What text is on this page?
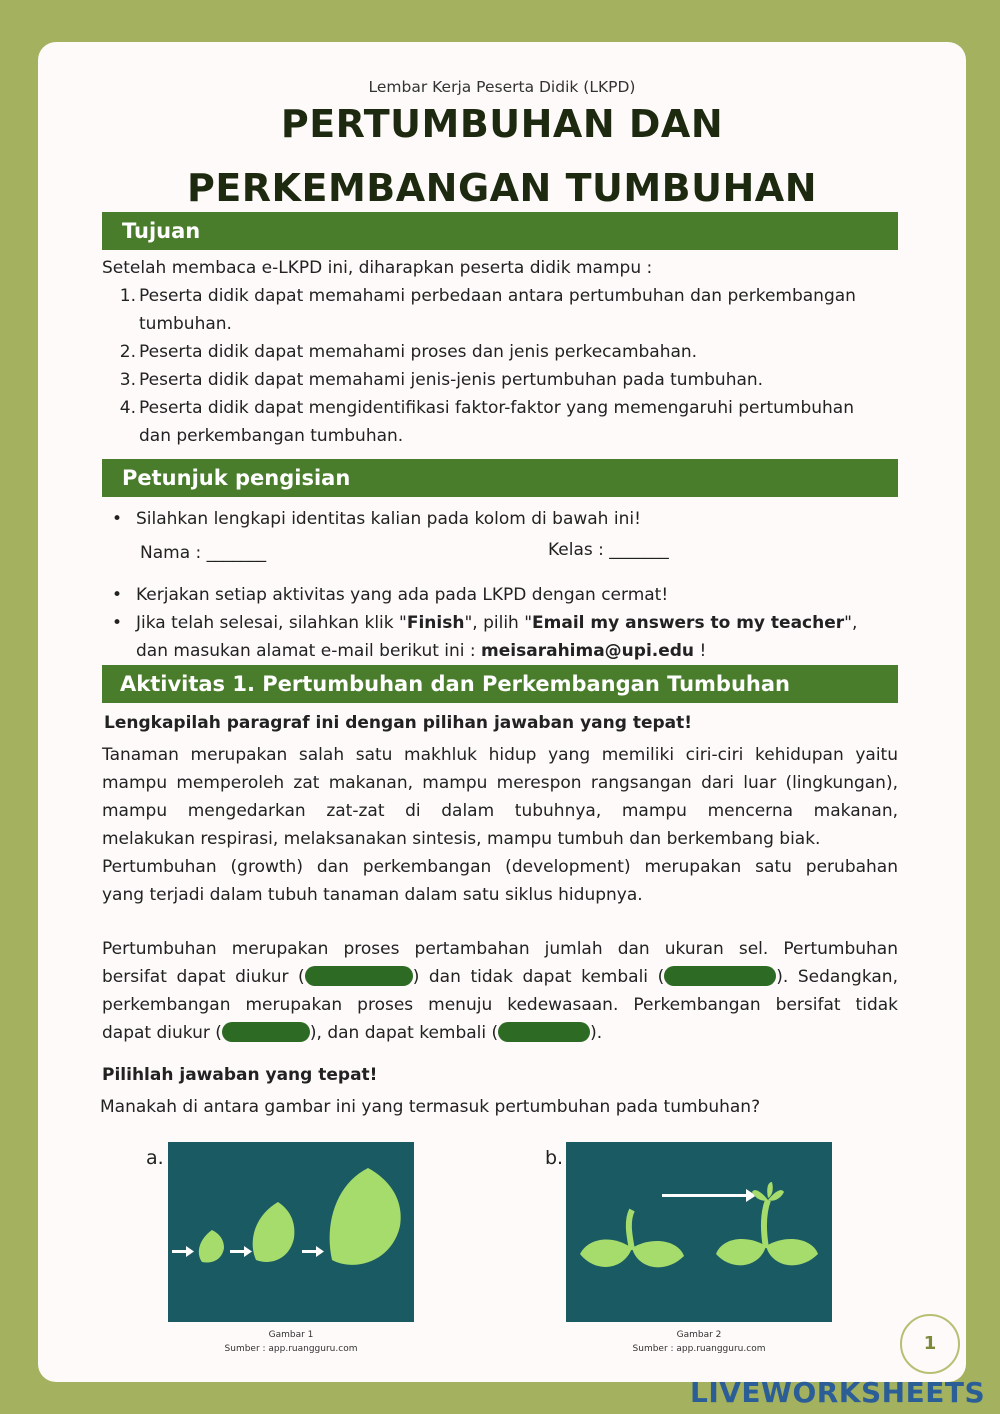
Lembar Kerja Peserta Didik (LKPD)
PERTUMBUHAN DAN
PERKEMBANGAN TUMBUHAN
Tujuan
Setelah membaca e-LKPD ini, diharapkan peserta didik mampu :
1. Peserta didik dapat memahami perbedaan antara pertumbuhan dan perkembangan
tumbuhan.
2. Peserta didik dapat memahami proses dan jenis perkecambahan.
3. Peserta didik dapat memahami jenis-jenis pertumbuhan pada tumbuhan.
4. Peserta didik dapat mengidentifikasi faktor-faktor yang memengaruhi pertumbuhan
dan perkembangan tumbuhan.
Petunjuk pengisian
• Silahkan lengkapi identitas kalian pada kolom di bawah ini!
Nama : _______	Kelas : _______
• Kerjakan setiap aktivitas yang ada pada LKPD dengan cermat!
• Jika telah selesai, silahkan klik "Finish", pilih "Email my answers to my teacher",
dan masukan alamat e-mail berikut ini : meisarahima@upi.edu !
Aktivitas 1. Pertumbuhan dan Perkembangan Tumbuhan
Lengkapilah paragraf ini dengan pilihan jawaban yang tepat!
Tanaman merupakan salah satu makhluk hidup yang memiliki ciri-ciri kehidupan yaitu
mampu memperoleh zat makanan, mampu merespon rangsangan dari luar (lingkungan),
mampu mengedarkan zat-zat di dalam tubuhnya, mampu mencerna makanan,
melakukan respirasi, melaksanakan sintesis, mampu tumbuh dan berkembang biak.
Pertumbuhan (growth) dan perkembangan (development) merupakan satu perubahan
yang terjadi dalam tubuh tanaman dalam satu siklus hidupnya.
Pertumbuhan merupakan proses pertambahan jumlah dan ukuran sel. Pertumbuhan
bersifat dapat diukur (	) dan tidak dapat kembali (	). Sedangkan,
perkembangan merupakan proses menuju kedewasaan. Perkembangan bersifat tidak
dapat diukur (	), dan dapat kembali (	).
Pilihlah jawaban yang tepat!
Manakah di antara gambar ini yang termasuk pertumbuhan pada tumbuhan?
a.
Gambar 1
Sumber : app.ruangguru.com
b.
Gambar 2
Sumber : app.ruangguru.com	1
LIVEWORKSHEETS
